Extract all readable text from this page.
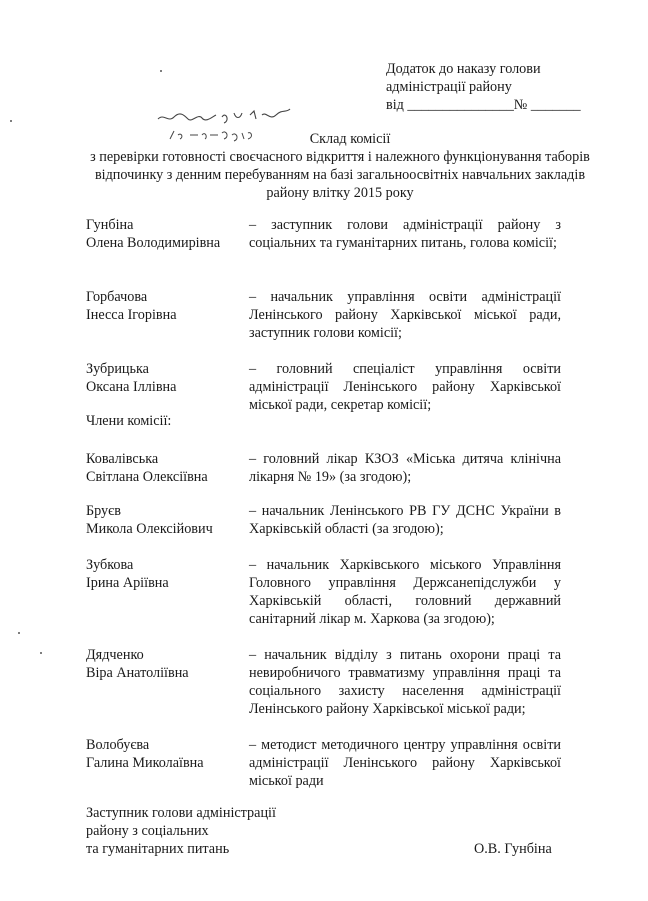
Додаток до наказу голови
адміністрації району
від _______________№ _______
Склад комісії
з перевірки готовності своєчасного відкриття і належного функціонування таборів
відпочинку з денним перебуванням на базі загальноосвітніх навчальних закладів
району влітку 2015 року
Гунбіна
Олена Володимирівна
– заступник голови адміністрації району з соціальних та гуманітарних питань, голова комісії;
Горбачова
Інесса Ігорівна
– начальник управління освіти адміністрації Ленінського району Харківської міської ради, заступник голови комісії;
Зубрицька
Оксана Іллівна
– головний спеціаліст управління освіти адміністрації Ленінського району Харківської міської ради, секретар комісії;
Члени комісії:
Ковалівська
Світлана Олексіївна
– головний лікар КЗОЗ «Міська дитяча клінічна лікарня № 19» (за згодою);
Бруєв
Микола Олексійович
– начальник Ленінського РВ ГУ ДСНС України в Харківській області (за згодою);
Зубкова
Ірина Аріївна
– начальник Харківського міського Управління Головного управління Держсанепідслужби у Харківській області, головний державний санітарний лікар м. Харкова (за згодою);
Дядченко
Віра Анатоліївна
– начальник відділу з питань охорони праці та невиробничого травматизму управління праці та соціального захисту населення адміністрації Ленінського району Харківської міської ради;
Волобуєва
Галина Миколаївна
– методист методичного центру управління освіти адміністрації Ленінського району Харківської міської ради
Заступник голови адміністрації
району з соціальних
та гуманітарних питань	О.В. Гунбіна
